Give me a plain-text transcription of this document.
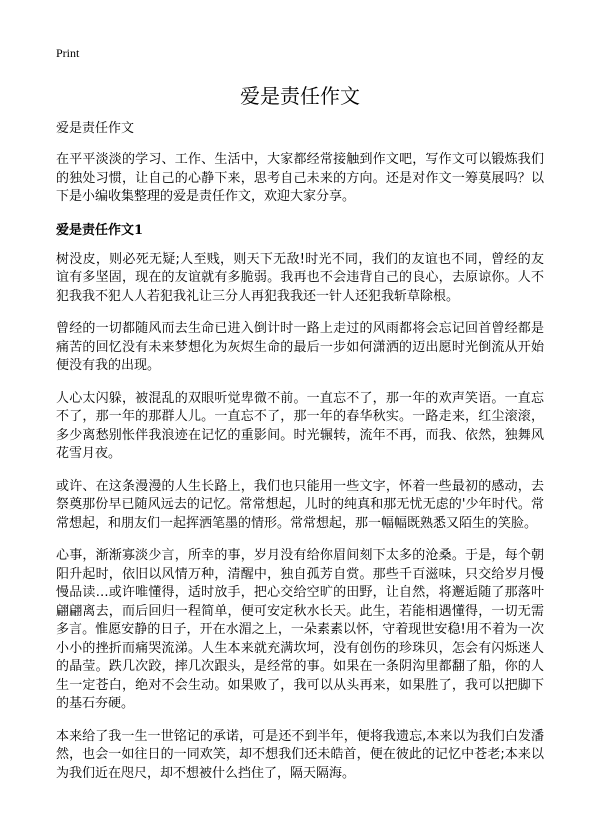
Print
爱是责任作文

爱是责任作文

在平平淡淡的学习、工作、生活中，大家都经常接触到作文吧，写作文可以锻炼我们的独处习惯，让自己的心静下来，思考自己未来的方向。还是对作文一筹莫展吗？以下是小编收集整理的爱是责任作文，欢迎大家分享。

爱是责任作文1

树没皮，则必死无疑;人至贱，则天下无敌!时光不同，我们的友谊也不同，曾经的友谊有多坚固，现在的友谊就有多脆弱。我再也不会违背自己的良心，去原谅你。人不犯我我不犯人人若犯我礼让三分人再犯我我还一针人还犯我斩草除根。

曾经的一切都随风而去生命已进入倒计时一路上走过的风雨都将会忘记回首曾经都是痛苦的回忆没有未来梦想化为灰烬生命的最后一步如何潇洒的迈出愿时光倒流从开始便没有我的出现。

人心太闪躲，被混乱的双眼听觉卑微不前。一直忘不了，那一年的欢声笑语。一直忘不了，那一年的那群人儿。一直忘不了，那一年的春华秋实。一路走来，红尘滚滚，多少离愁别怅伴我浪迹在记忆的重影间。时光辗转，流年不再，而我、依然，独舞风花雪月夜。

或许、在这条漫漫的人生长路上，我们也只能用一些文字，怀着一些最初的感动，去祭奠那份早已随风远去的记忆。常常想起，儿时的纯真和那无忧无虑的'少年时代。常常想起，和朋友们一起挥洒笔墨的情形。常常想起，那一幅幅既熟悉又陌生的笑脸。

心事，渐渐寡淡少言，所幸的事，岁月没有给你眉间刻下太多的沧桑。于是，每个朝阳升起时，依旧以风情万种，清醒中，独自孤芳自赏。那些千百滋味，只交给岁月慢慢品读…或许唯懂得，适时放手，把心交给空旷的田野，让自然，将邂逅随了那落叶翩翩离去，而后回归一程简单，便可安定秋水长天。此生，若能相遇懂得，一切无需多言。惟愿安静的日子，开在水湄之上，一朵素素以怀，守着现世安稳!用不着为一次小小的挫折而痛哭流涕。人生本来就充满坎坷，没有创伤的珍珠贝，怎会有闪烁迷人的晶莹。跌几次跤，摔几次跟头，是经常的事。如果在一条阴沟里都翻了船，你的人生一定苍白，绝对不会生动。如果败了，我可以从头再来，如果胜了，我可以把脚下的基石夯硬。

本来给了我一生一世铭记的承诺，可是还不到半年，便将我遗忘,本来以为我们白发潘然，也会一如往日的一同欢笑，却不想我们还未皓首，便在彼此的记忆中苍老;本来以为我们近在咫尺，却不想被什么挡住了，隔天隔海。
